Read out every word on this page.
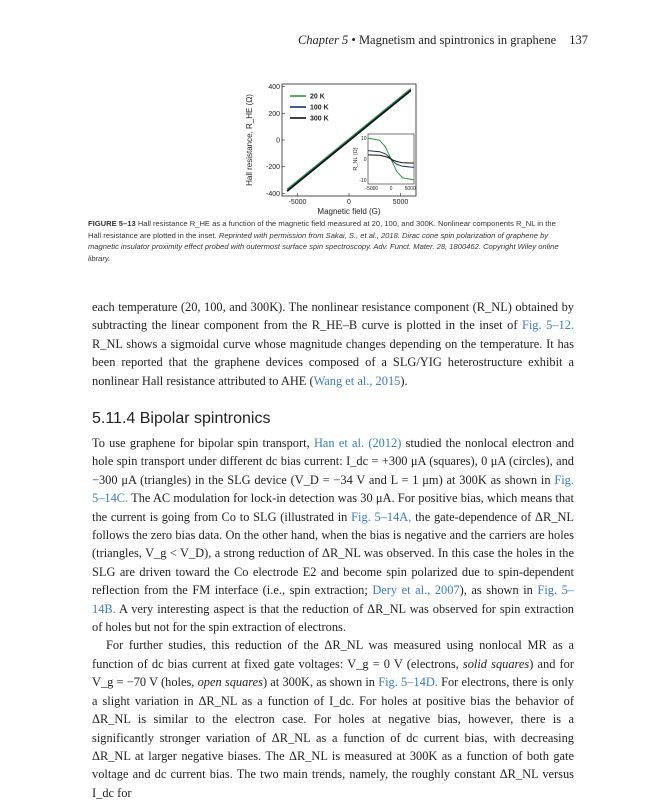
Chapter 5 • Magnetism and spintronics in graphene 137
-5000	0	5000
-400
-200
0
200
400
Magnetic field (G)
Hall resistance, R_HE (Ω)	20 K
100 K
300 K
10
0
-10
-5000 0 5000
R_NL (Ω)
FIGURE 5–13 Hall resistance R_HE as a function of the magnetic field measured at 20, 100, and 300K. Nonlinear components R_NL in the Hall resistance are plotted in the inset. Reprinted with permission from Sakai, S., et al., 2018. Dirac cone spin polarization of graphene by magnetic insulator proximity effect probed with outermost surface spin spectroscopy. Adv. Funct. Mater. 28, 1800462. Copyright Wiley online library.
each temperature (20, 100, and 300K). The nonlinear resistance component (R_NL) obtained by subtracting the linear component from the R_HE–B curve is plotted in the inset of Fig. 5–12. R_NL shows a sigmoidal curve whose magnitude changes depending on the temperature. It has been reported that the graphene devices composed of a SLG/YIG heterostructure exhibit a nonlinear Hall resistance attributed to AHE (Wang et al., 2015).
5.11.4 Bipolar spintronics

To use graphene for bipolar spin transport, Han et al. (2012) studied the nonlocal electron and hole spin transport under different dc bias current: I_dc = +300 μA (squares), 0 μA (circles), and −300 μA (triangles) in the SLG device (V_D = −34 V and L = 1 μm) at 300K as shown in Fig. 5–14C. The AC modulation for lock-in detection was 30 μA. For positive bias, which means that the current is going from Co to SLG (illustrated in Fig. 5–14A, the gate-dependence of ΔR_NL follows the zero bias data. On the other hand, when the bias is negative and the carriers are holes (triangles, V_g < V_D), a strong reduction of ΔR_NL was observed. In this case the holes in the SLG are driven toward the Co electrode E2 and become spin polarized due to spin-dependent reflection from the FM interface (i.e., spin extraction; Dery et al., 2007), as shown in Fig. 5–14B. A very interesting aspect is that the reduction of ΔR_NL was observed for spin extraction of holes but not for the spin extraction of electrons.

For further studies, this reduction of the ΔR_NL was measured using nonlocal MR as a function of dc bias current at fixed gate voltages: V_g = 0 V (electrons, solid squares) and for V_g = −70 V (holes, open squares) at 300K, as shown in Fig. 5–14D. For electrons, there is only a slight variation in ΔR_NL as a function of I_dc. For holes at positive bias the behavior of ΔR_NL is similar to the electron case. For holes at negative bias, however, there is a significantly stronger variation of ΔR_NL as a function of dc current bias, with decreasing ΔR_NL at larger negative biases. The ΔR_NL is measured at 300K as a function of both gate voltage and dc current bias. The two main trends, namely, the roughly constant ΔR_NL versus I_dc for
